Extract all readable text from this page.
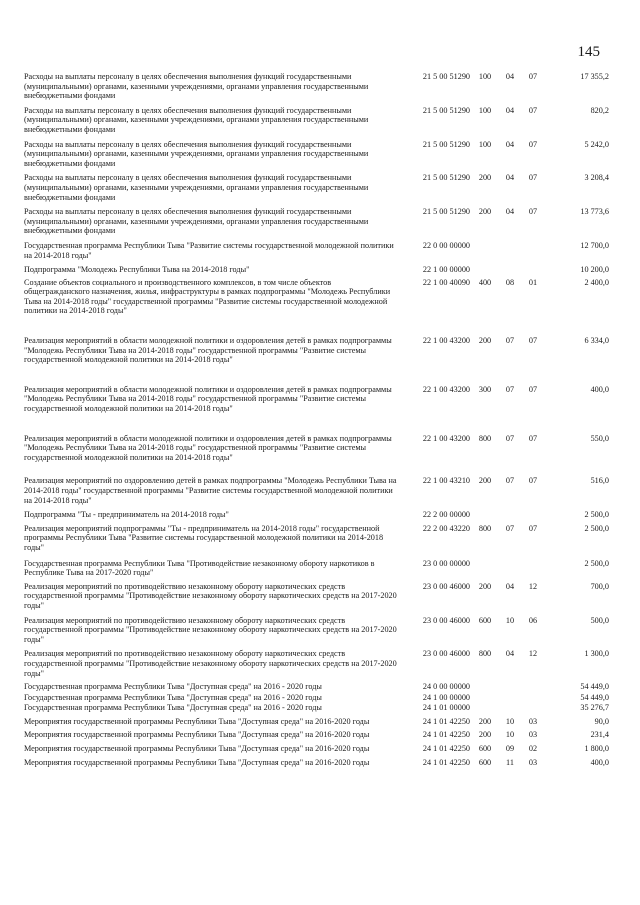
145
Расходы на выплаты персоналу в целях обеспечения выполнения функций государственными (муниципальными) органами, казенными учреждениями, органами управления государственными внебюджетными фондами	21 5 00 51290	100	04	07	17 355,2
Расходы на выплаты персоналу в целях обеспечения выполнения функций государственными (муниципальными) органами, казенными учреждениями, органами управления государственными внебюджетными фондами	21 5 00 51290	100	04	07	820,2
Расходы на выплаты персоналу в целях обеспечения выполнения функций государственными (муниципальными) органами, казенными учреждениями, органами управления государственными внебюджетными фондами	21 5 00 51290	100	04	07	5 242,0
Расходы на выплаты персоналу в целях обеспечения выполнения функций государственными (муниципальными) органами, казенными учреждениями, органами управления государственными внебюджетными фондами	21 5 00 51290	200	04	07	3 208,4
Расходы на выплаты персоналу в целях обеспечения выполнения функций государственными (муниципальными) органами, казенными учреждениями, органами управления государственными внебюджетными фондами	21 5 00 51290	200	04	07	13 773,6
Государственная программа Республики Тыва "Развитие системы государственной молодежной политики на 2014-2018 годы"	22 0 00 00000				12 700,0
Подпрограмма "Молодежь Республики Тыва на 2014-2018 годы"	22 1 00 00000				10 200,0
Создание объектов социального и производственного комплексов, в том числе объектов общегражданского назначения, жилья, инфраструктуры в рамках подпрограммы "Молодежь Республики Тыва на 2014-2018 годы" государственной программы "Развитие системы государственной молодежной политики на 2014-2018 годы"	22 1 00 40090	400	08	01	2 400,0
Реализация мероприятий в области молодежной политики и оздоровления детей в рамках подпрограммы "Молодежь Республики Тыва на 2014-2018 годы" государственной программы "Развитие системы государственной молодежной политики на 2014-2018 годы"	22 1 00 43200	200	07	07	6 334,0
Реализация мероприятий в области молодежной политики и оздоровления детей в рамках подпрограммы "Молодежь Республики Тыва на 2014-2018 годы" государственной программы "Развитие системы государственной молодежной политики на 2014-2018 годы"	22 1 00 43200	300	07	07	400,0
Реализация мероприятий в области молодежной политики и оздоровления детей в рамках подпрограммы "Молодежь Республики Тыва на 2014-2018 годы" государственной программы "Развитие системы государственной молодежной политики на 2014-2018 годы"	22 1 00 43200	800	07	07	550,0
Реализация мероприятий по оздоровлению детей в рамках подпрограммы "Молодежь Республики Тыва на 2014-2018 годы" государственной программы "Развитие системы государственной молодежной политики на 2014-2018 годы"	22 1 00 43210	200	07	07	516,0
Подпрограмма "Ты - предприниматель на 2014-2018 годы"	22 2 00 00000				2 500,0
Реализация мероприятий подпрограммы "Ты - предприниматель на 2014-2018 годы" государственной программы Республики Тыва "Развитие системы государственной молодежной политики на 2014-2018 годы"	22 2 00 43220	800	07	07	2 500,0
Государственная программа Республики Тыва "Противодействие незаконному обороту наркотиков в Республике Тыва на 2017-2020 годы"	23 0 00 00000				2 500,0
Реализация мероприятий по противодействию незаконному обороту наркотических средств государственной программы "Противодействие незаконному обороту наркотических средств на 2017-2020 годы"	23 0 00 46000	200	04	12	700,0
Реализация мероприятий по противодействию незаконному обороту наркотических средств государственной программы "Противодействие незаконному обороту наркотических средств на 2017-2020 годы"	23 0 00 46000	600	10	06	500,0
Реализация мероприятий по противодействию незаконному обороту наркотических средств государственной программы "Противодействие незаконному обороту наркотических средств на 2017-2020 годы"	23 0 00 46000	800	04	12	1 300,0
Государственная программа Республики Тыва "Доступная среда" на 2016 - 2020 годы	24 0 00 00000				54 449,0
Государственная программа Республики Тыва "Доступная среда" на 2016 - 2020 годы	24 1 00 00000				54 449,0
Государственная программа Республики Тыва "Доступная среда" на 2016 - 2020 годы	24 1 01 00000				35 276,7
Мероприятия государственной программы Республики Тыва "Доступная среда" на 2016-2020 годы	24 1 01 42250	200	10	03	90,0
Мероприятия государственной программы Республики Тыва "Доступная среда" на 2016-2020 годы	24 1 01 42250	200	10	03	231,4
Мероприятия государственной программы Республики Тыва "Доступная среда" на 2016-2020 годы	24 1 01 42250	600	09	02	1 800,0
Мероприятия государственной программы Республики Тыва "Доступная среда" на 2016-2020 годы	24 1 01 42250	600	11	03	400,0
